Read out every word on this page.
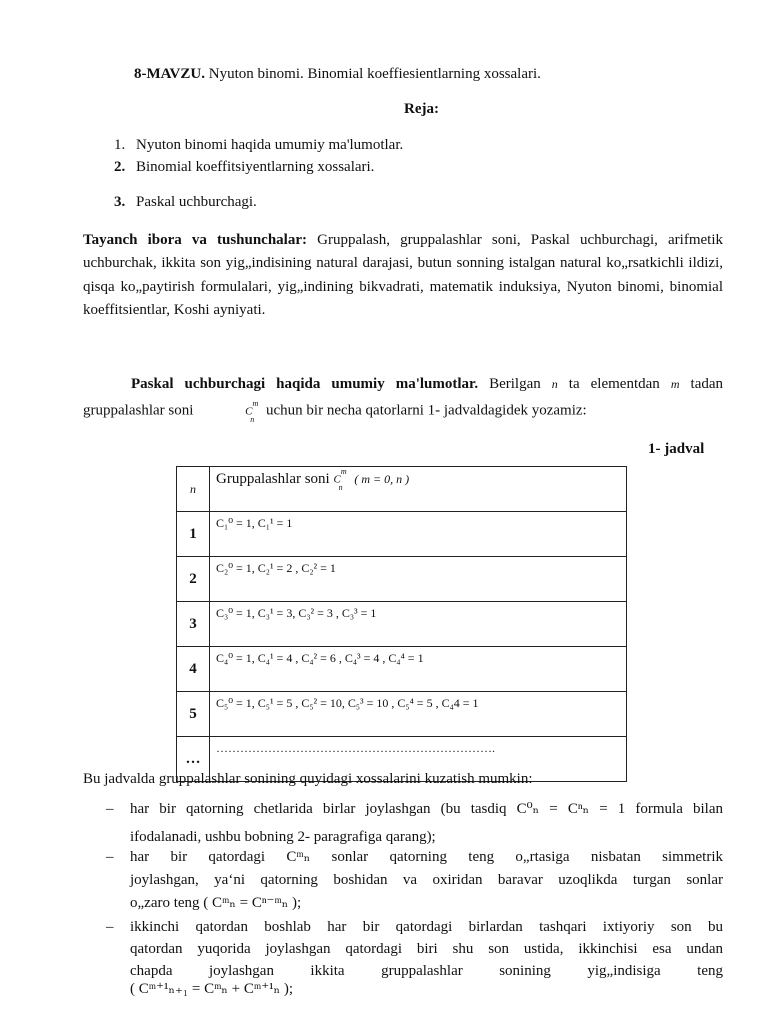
8-MAVZU. Nyuton binomi. Binomial koeffiesientlarning xossalari.
Reja:
1. Nyuton binomi haqida umumiy ma'lumotlar.
2. Binomial koeffitsiyentlarning xossalari.
3. Paskal uchburchagi.
Tayanch ibora va tushunchalar: Gruppalash, gruppalashlar soni, Paskal uchburchagi, arifmetik uchburchak, ikkita son yig„indisining natural darajasi, butun sonning istalgan natural ko„rsatkichli ildizi, qisqa ko„paytirish formulalari, yig„indining bikvadrati, matematik induksiya, Nyuton binomi, binomial koeffitsientlar, Koshi ayniyati.
Paskal uchburchagi haqida umumiy ma'lumotlar. Berilgan n ta elementdan m tadan gruppalashlar soni	$C^m_n$ uchun bir necha qatorlarni 1- jadvaldagidek yozamiz:
1- jadval
n	Gruppalashlar soni $C^m_n$ ( m = 0, n )
1	C₁⁰ = 1, C₁¹ = 1
2	C₂⁰ = 1, C₂¹ = 2 , C₂² = 1
3	C₃⁰ = 1, C₃¹ = 3, C₃² = 3 , C₃³ = 1
4	C₄⁰ = 1, C₄¹ = 4 , C₄² = 6 , C₄³ = 4 , C₄⁴ = 1
5	C₅⁰ = 1, C₅¹ = 5 , C₅² = 10, C₅³ = 10 , C₅⁴ = 5 , C₄4 = 1
…	…………………………………………………………….
Bu jadvalda gruppalashlar sonining quyidagi xossalarini kuzatish mumkin:
– har bir qatorning chetlarida birlar joylashgan (bu tasdiq C⁰ₙ = Cⁿₙ = 1 formula bilan
ifodalanadi, ushbu bobning 2- paragrafiga qarang);
– har bir qatordagi Cᵐₙ sonlar qatorning teng o„rtasiga nisbatan simmetrik
joylashgan, ya‘ni qatorning boshidan va oxiridan baravar uzoqlikda turgan sonlar
o„zaro teng ( Cᵐₙ = Cⁿ⁻ᵐₙ );
– ikkinchi qatordan boshlab har bir qatordagi birlardan tashqari ixtiyoriy son bu
qatordan yuqorida joylashgan qatordagi biri shu son ustida, ikkinchisi esa undan
chapda joylashgan ikkita gruppalashlar sonining yig„indisiga teng
( Cᵐ⁺¹ₙ₊₁ = Cᵐₙ + Cᵐ⁺¹ₙ );
